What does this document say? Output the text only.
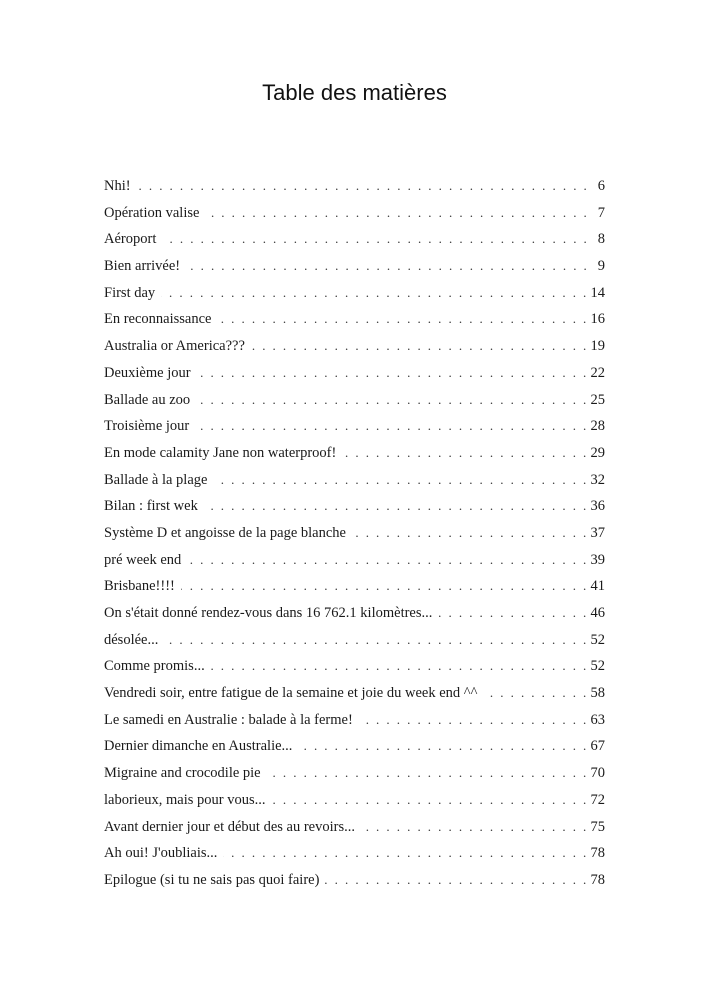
Table des matières
Nhi! . .	6
Opération valise . .	7
Aéroport . .	8
Bien arrivée! . .	9
First day . .	14
En reconnaissance . .	16
Australia or America??? . .	19
Deuxième jour . .	22
Ballade au zoo . .	25
Troisième jour . .	28
En mode calamity Jane non waterproof! . .	29
Ballade à la plage . .	32
Bilan : first wek . .	36
Système D et angoisse de la page blanche . .	37
pré week end . .	39
Brisbane!!!! . .	41
On s'était donné rendez-vous dans 16 762.1 kilomètres... . .	46
désolée... . .	52
Comme promis... . .	52
Vendredi soir, entre fatigue de la semaine et joie du week end ^^ . .	58
Le samedi en Australie : balade à la ferme! . .	63
Dernier dimanche en Australie... . .	67
Migraine and crocodile pie . .	70
laborieux, mais pour vous... . .	72
Avant dernier jour et début des au revoirs... . .	75
Ah oui! J'oubliais... . .	78
Epilogue (si tu ne sais pas quoi faire) . .	78
